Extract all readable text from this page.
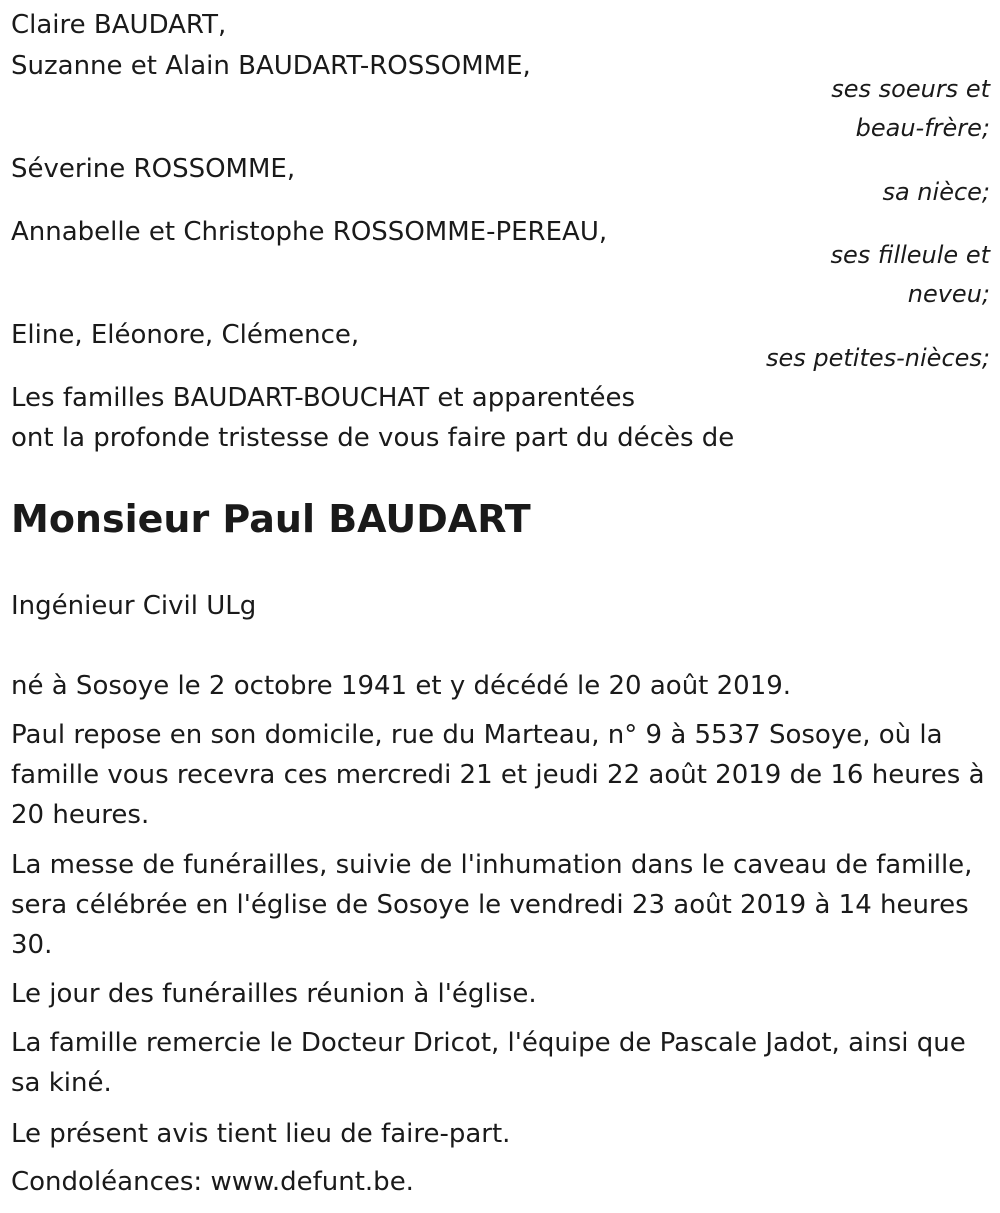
Claire BAUDART,
Suzanne et Alain BAUDART-ROSSOMME,
ses soeurs et
beau-frère;
Séverine ROSSOMME,
sa nièce;
Annabelle et Christophe ROSSOMME-PEREAU,
ses filleule et
neveu;
Eline, Eléonore, Clémence,
ses petites-nièces;
Les familles BAUDART-BOUCHAT et apparentées
ont la profonde tristesse de vous faire part du décès de
Monsieur Paul BAUDART
Ingénieur Civil ULg
né à Sosoye le 2 octobre 1941 et y décédé le 20 août 2019.
Paul repose en son domicile, rue du Marteau, n° 9 à 5537 Sosoye, où la famille vous recevra ces mercredi 21 et jeudi 22 août 2019 de 16 heures à 20 heures.
La messe de funérailles, suivie de l'inhumation dans le caveau de famille, sera célébrée en l'église de Sosoye le vendredi 23 août 2019 à 14 heures 30.
Le jour des funérailles réunion à l'église.
La famille remercie le Docteur Dricot, l'équipe de Pascale Jadot, ainsi que sa kiné.
Le présent avis tient lieu de faire-part.
Condoléances: www.defunt.be.
